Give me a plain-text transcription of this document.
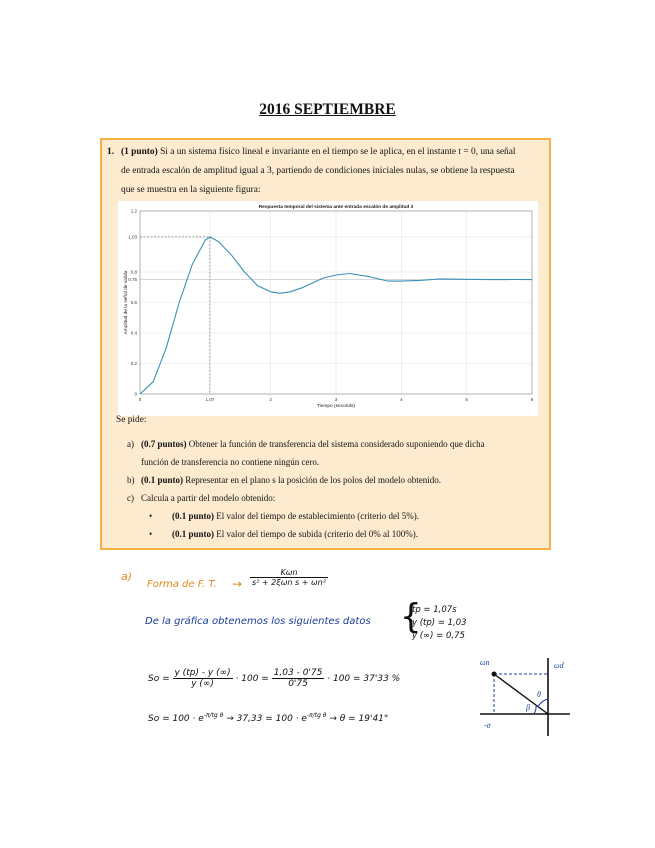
2016 SEPTIEMBRE
1. (1 punto) Si a un sistema físico lineal e invariante en el tiempo se le aplica, en el instante t = 0, una señal
de entrada escalón de amplitud igual a 3, partiendo de condiciones iniciales nulas, se obtiene la respuesta
que se muestra en la siguiente figura:
0	1.07	2	3	4	5	6
0
0.2
0.4
0.6
0.75
0.8
1.03
1.2
Respuesta temporal del sistema ante entrada escalón de amplitud 3
Tiempo (seconds)
Amplitud de la señal de salida
Se pide:
a) (0.7 puntos) Obtener la función de transferencia del sistema considerado suponiendo que dicha
función de transferencia no contiene ningún cero.
b) (0.1 punto) Representar en el plano s la posición de los polos del modelo obtenido.
c) Calcula a partir del modelo obtenido:
• (0.1 punto) El valor del tiempo de establecimiento (criterio del 5%).
• (0.1 punto) El valor del tiempo de subida (criterio del 0% al 100%).
a)
Forma de F. T. → $\frac{\text{Kωn}}{\text{s² + 2ξωn s + ωn²}}$
De la gráfica obtenemos los siguientes datos {
tp = 1,07s
y (tp) = 1,03
y (∞) = 0,75
$So = \frac{y (tp) - y (\infty)}{y (\infty)} \cdot 100 = \frac{1,03 - 0'75}{0'75} \cdot 100 = 37'33$ %
$So = 100 \cdot e^{-\pi/tg \theta} \to 37,33 = 100 \cdot e^{-\pi/tg \theta} \to \theta = 19'41^\circ$
ωn	ωd
θ
β
-σ
